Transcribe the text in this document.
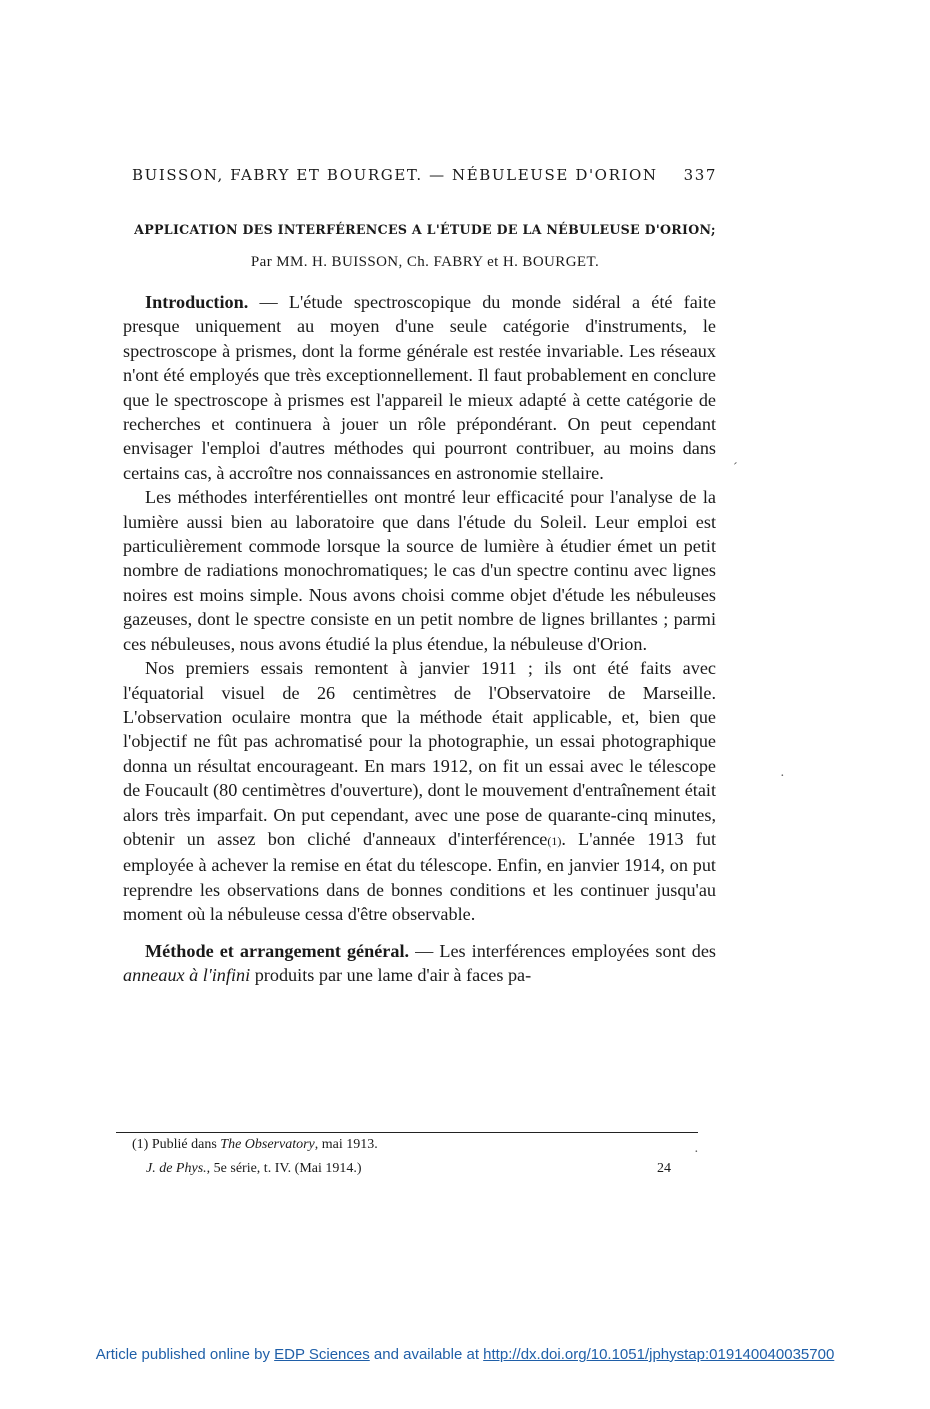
BUISSON, FABRY ET BOURGET. — NÉBULEUSE D'ORION 337
APPLICATION DES INTERFÉRENCES A L'ÉTUDE DE LA NÉBULEUSE D'ORION;
Par MM. H. BUISSON, Ch. FABRY et H. BOURGET.

Introduction. — L'étude spectroscopique du monde sidéral a été faite presque uniquement au moyen d'une seule catégorie d'instruments, le spectroscope à prismes, dont la forme générale est restée invariable. Les réseaux n'ont été employés que très exceptionnellement. Il faut probablement en conclure que le spectroscope à prismes est l'appareil le mieux adapté à cette catégorie de recherches et continuera à jouer un rôle prépondérant. On peut cependant envisager l'emploi d'autres méthodes qui pourront contribuer, au moins dans certains cas, à accroître nos connaissances en astronomie stellaire.

Les méthodes interférentielles ont montré leur efficacité pour l'analyse de la lumière aussi bien au laboratoire que dans l'étude du Soleil. Leur emploi est particulièrement commode lorsque la source de lumière à étudier émet un petit nombre de radiations monochromatiques; le cas d'un spectre continu avec lignes noires est moins simple. Nous avons choisi comme objet d'étude les nébuleuses gazeuses, dont le spectre consiste en un petit nombre de lignes brillantes ; parmi ces nébuleuses, nous avons étudié la plus étendue, la nébuleuse d'Orion.

Nos premiers essais remontent à janvier 1911 ; ils ont été faits avec l'équatorial visuel de 26 centimètres de l'Observatoire de Marseille. L'observation oculaire montra que la méthode était applicable, et, bien que l'objectif ne fût pas achromatisé pour la photographie, un essai photographique donna un résultat encourageant. En mars 1912, on fit un essai avec le télescope de Foucault (80 centimètres d'ouverture), dont le mouvement d'entraînement était alors très imparfait. On put cependant, avec une pose de quarante-cinq minutes, obtenir un assez bon cliché d'anneaux d'interférence(1). L'année 1913 fut employée à achever la remise en état du télescope. Enfin, en janvier 1914, on put reprendre les observations dans de bonnes conditions et les continuer jusqu'au moment où la nébuleuse cessa d'être observable.

Méthode et arrangement général. — Les interférences employées sont des anneaux à l'infini produits par une lame d'air à faces pa-

(1) Publié dans The Observatory, mai 1913.
J. de Phys., 5e série, t. IV. (Mai 1914.)	24
´
·
·
Article published online by EDP Sciences and available at http://dx.doi.org/10.1051/jphystap:019140040035700
